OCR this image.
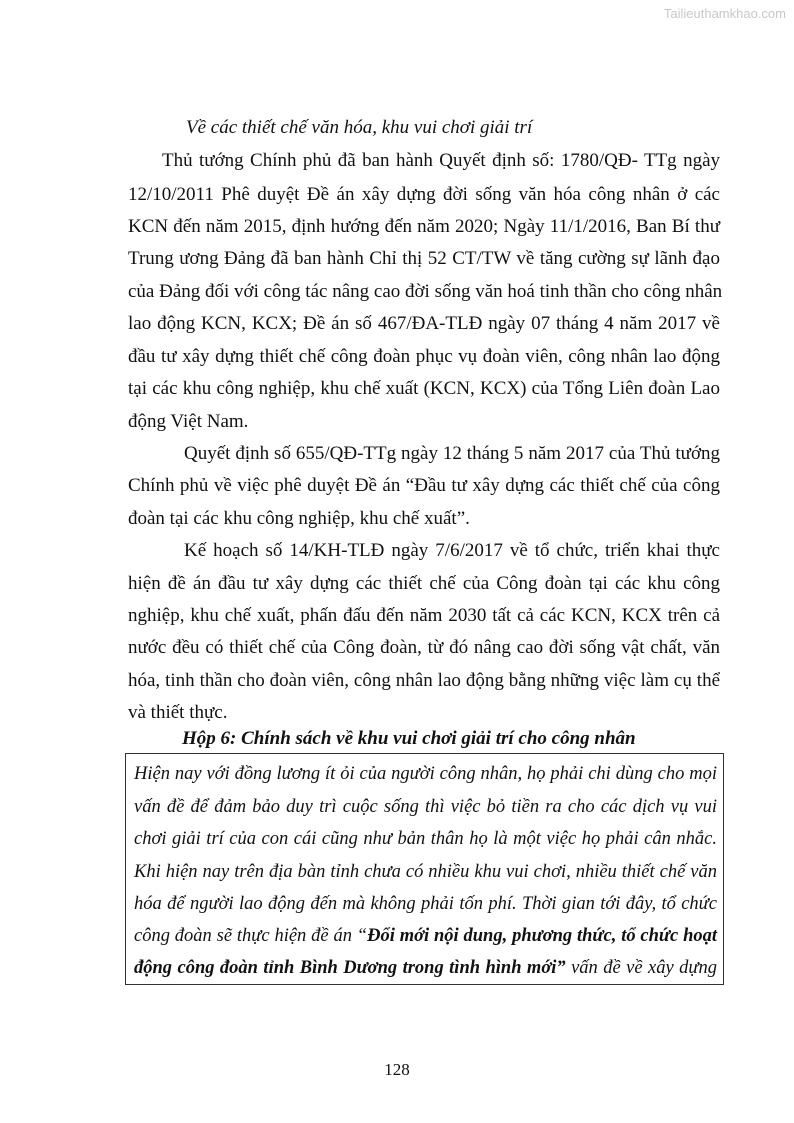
Tailieuthamkhao.com
Về các thiết chế văn hóa, khu vui chơi giải trí
Thủ tướng Chính phủ đã ban hành Quyết định số: 1780/QĐ- TTg ngày
12/10/2011 Phê duyệt Đề án xây dựng đời sống văn hóa công nhân ở các
KCN đến năm 2015, định hướng đến năm 2020; Ngày 11/1/2016, Ban Bí thư
Trung ương Đảng đã ban hành Chỉ thị 52 CT/TW về tăng cường sự lãnh đạo
của Đảng đối với công tác nâng cao đời sống văn hoá tinh thần cho công nhân
lao động KCN, KCX; Đề án số 467/ĐA-TLĐ ngày 07 tháng 4 năm 2017 về
đầu tư xây dựng thiết chế công đoàn phục vụ đoàn viên, công nhân lao động
tại các khu công nghiệp, khu chế xuất (KCN, KCX) của Tổng Liên đoàn Lao
động Việt Nam.
Quyết định số 655/QĐ-TTg ngày 12 tháng 5 năm 2017 của Thủ tướng
Chính phủ về việc phê duyệt Đề án “Đầu tư xây dựng các thiết chế của công
đoàn tại các khu công nghiệp, khu chế xuất”.
Kế hoạch số 14/KH-TLĐ ngày 7/6/2017 về tổ chức, triển khai thực
hiện đề án đầu tư xây dựng các thiết chế của Công đoàn tại các khu công
nghiệp, khu chế xuất, phấn đấu đến năm 2030 tất cả các KCN, KCX trên cả
nước đều có thiết chế của Công đoàn, từ đó nâng cao đời sống vật chất, văn
hóa, tinh thần cho đoàn viên, công nhân lao động bằng những việc làm cụ thể
và thiết thực.
Hộp 6: Chính sách về khu vui chơi giải trí cho công nhân
Hiện nay với đồng lương ít ỏi của người công nhân, họ phải chi dùng cho mọi
vấn đề để đảm bảo duy trì cuộc sống thì việc bỏ tiền ra cho các dịch vụ vui
chơi giải trí của con cái cũng như bản thân họ là một việc họ phải cân nhắc.
Khi hiện nay trên địa bàn tỉnh chưa có nhiều khu vui chơi, nhiều thiết chế văn
hóa để người lao động đến mà không phải tốn phí. Thời gian tới đây, tổ chức
công đoàn sẽ thực hiện đề án “Đổi mới nội dung, phương thức, tổ chức hoạt
động công đoàn tỉnh Bình Dương trong tình hình mới” vấn đề về xây dựng
128
